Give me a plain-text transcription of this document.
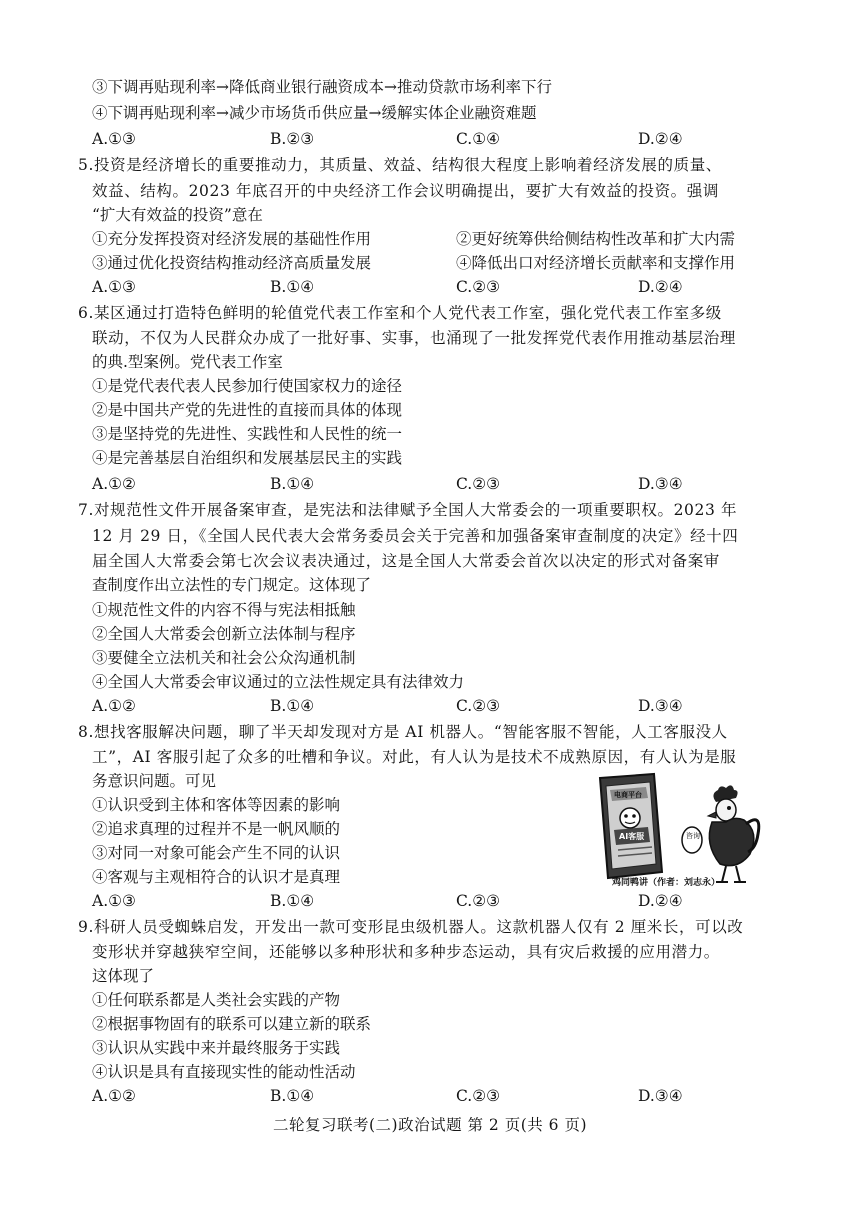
③下调再贴现利率→降低商业银行融资成本→推动贷款市场利率下行
④下调再贴现利率→减少市场货币供应量→缓解实体企业融资难题
A.①③	B.②③	C.①④	D.②④
5.投资是经济增长的重要推动力，其质量、效益、结构很大程度上影响着经济发展的质量、
效益、结构。2023 年底召开的中央经济工作会议明确提出，要扩大有效益的投资。强调
“扩大有效益的投资”意在
①充分发挥投资对经济发展的基础性作用	②更好统筹供给侧结构性改革和扩大内需
③通过优化投资结构推动经济高质量发展	④降低出口对经济增长贡献率和支撑作用
A.①③	B.①④	C.②③	D.②④
6.某区通过打造特色鲜明的轮值党代表工作室和个人党代表工作室，强化党代表工作室多级
联动，不仅为人民群众办成了一批好事、实事，也涌现了一批发挥党代表作用推动基层治理
的典.型案例。党代表工作室
①是党代表代表人民参加行使国家权力的途径
②是中国共产党的先进性的直接而具体的体现
③是坚持党的先进性、实践性和人民性的统一
④是完善基层自治组织和发展基层民主的实践
A.①②	B.①④	C.②③	D.③④
7.对规范性文件开展备案审查，是宪法和法律赋予全国人大常委会的一项重要职权。2023 年
12 月 29 日，《全国人民代表大会常务委员会关于完善和加强备案审查制度的决定》经十四
届全国人大常委会第七次会议表决通过，这是全国人大常委会首次以决定的形式对备案审
查制度作出立法性的专门规定。这体现了
①规范性文件的内容不得与宪法相抵触
②全国人大常委会创新立法体制与程序
③要健全立法机关和社会公众沟通机制
④全国人大常委会审议通过的立法性规定具有法律效力
A.①②	B.①④	C.②③	D.③④
8.想找客服解决问题，聊了半天却发现对方是 AI 机器人。“智能客服不智能，人工客服没人
工”，AI 客服引起了众多的吐槽和争议。对此，有人认为是技术不成熟原因，有人认为是服
务意识问题。可见
①认识受到主体和客体等因素的影响
②追求真理的过程并不是一帆风顺的
③对同一对象可能会产生不同的认识
④客观与主观相符合的认识才是真理
A.①③	B.①④	C.②③	D.②④
电商平台
AI客服	咨询
鸡同鸭讲（作者：刘志永）
9.科研人员受蜘蛛启发，开发出一款可变形昆虫级机器人。这款机器人仅有 2 厘米长，可以改
变形状并穿越狭窄空间，还能够以多种形状和多种步态运动，具有灾后救援的应用潜力。
这体现了
①任何联系都是人类社会实践的产物
②根据事物固有的联系可以建立新的联系
③认识从实践中来并最终服务于实践
④认识是具有直接现实性的能动性活动
A.①②	B.①④	C.②③	D.③④
二轮复习联考(二)政治试题 第 2 页(共 6 页)
